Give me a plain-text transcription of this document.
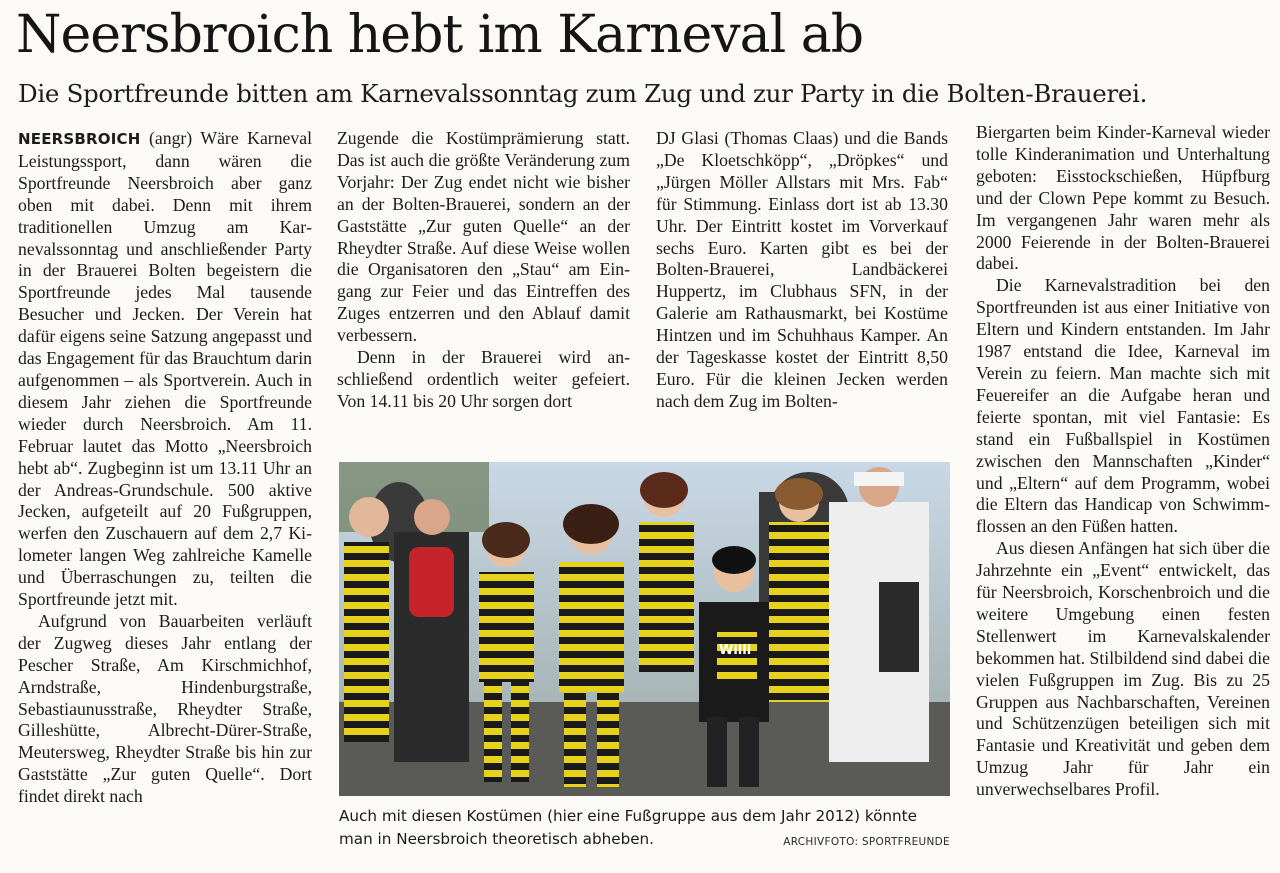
Neersbroich hebt im Karneval ab
Die Sportfreunde bitten am Karnevalssonntag zum Zug und zur Party in die Bolten-Brauerei.

NEERSBROICH (angr) Wäre Karneval Leistungssport, dann wären die Sportfreunde Neersbroich aber ganz oben mit dabei. Denn mit ihrem traditionellen Umzug am Karnevalssonntag und anschließender Party in der Brauerei Bolten begeistern die Sportfreunde jedes Mal tausende Besucher und Jecken. Der Verein hat dafür eigens seine Satzung angepasst und das Engagement für das Brauchtum darin aufgenommen – als Sportverein. Auch in diesem Jahr ziehen die Sportfreunde wieder durch Neersbroich. Am 11. Februar lautet das Motto „Neersbroich hebt ab“. Zugbeginn ist um 13.11 Uhr an der Andreas-Grundschule. 500 aktive Jecken, aufgeteilt auf 20 Fußgruppen, werfen den Zuschauern auf dem 2,7 Kilometer langen Weg zahlreiche Kamelle und Überraschungen zu, teilten die Sportfreunde jetzt mit.

Aufgrund von Bauarbeiten verläuft der Zugweg dieses Jahr entlang der Pescher Straße, Am Kirschmichhof, Arndstraße, Hindenburgstraße, Sebastiaunusstraße, Rheydter Straße, Gilleshütte, Albrecht-Dürer-Straße, Meutersweg, Rheydter Straße bis hin zur Gaststätte „Zur guten Quelle“. Dort findet direkt nach

Zugende die Kostümprämierung statt. Das ist auch die größte Veränderung zum Vorjahr: Der Zug endet nicht wie bisher an der Bolten-Brauerei, sondern an der Gaststätte „Zur guten Quelle“ an der Rheydter Straße. Auf diese Weise wollen die Organisatoren den „Stau“ am Eingang zur Feier und das Eintreffen des Zuges entzerren und den Ablauf damit verbessern.

Denn in der Brauerei wird anschließend ordentlich weiter gefeiert. Von 14.11 bis 20 Uhr sorgen dort

DJ Glasi (Thomas Claas) und die Bands „De Kloetschköpp“, „Dröpkes“ und „Jürgen Möller Allstars mit Mrs. Fab“ für Stimmung. Einlass dort ist ab 13.30 Uhr. Der Eintritt kostet im Vorverkauf sechs Euro. Karten gibt es bei der Bolten-Brauerei, Landbäckerei Huppertz, im Clubhaus SFN, in der Galerie am Rathausmarkt, bei Kostüme Hintzen und im Schuhhaus Kamper. An der Tageskasse kostet der Eintritt 8,50 Euro. Für die kleinen Jecken werden nach dem Zug im Bolten-

Biergarten beim Kinder-Karneval wieder tolle Kinderanimation und Unterhaltung geboten: Eisstockschießen, Hüpfburg und der Clown Pepe kommt zu Besuch. Im vergangenen Jahr waren mehr als 2000 Feierende in der Bolten-Brauerei dabei.

Die Karnevalstradition bei den Sportfreunden ist aus einer Initiative von Eltern und Kindern entstanden. Im Jahr 1987 entstand die Idee, Karneval im Verein zu feiern. Man machte sich mit Feuereifer an die Aufgabe heran und feierte spontan, mit viel Fantasie: Es stand ein Fußballspiel in Kostümen zwischen den Mannschaften „Kinder“ und „Eltern“ auf dem Programm, wobei die Eltern das Handicap von Schwimmflossen an den Füßen hatten.

Aus diesen Anfängen hat sich über die Jahrzehnte ein „Event“ entwickelt, das für Neersbroich, Korschenbroich und die weitere Umgebung einen festen Stellenwert im Karnevalskalender bekommen hat. Stilbildend sind dabei die vielen Fußgruppen im Zug. Bis zu 25 Gruppen aus Nachbarschaften, Vereinen und Schützenzügen beteiligen sich mit Fantasie und Kreativität und geben dem Umzug Jahr für Jahr ein unverwechselbares Profil.

Willi
Auch mit diesen Kostümen (hier eine Fußgruppe aus dem Jahr 2012) könnte man in Neersbroich theoretisch abheben.	ARCHIVFOTO: SPORTFREUNDE
